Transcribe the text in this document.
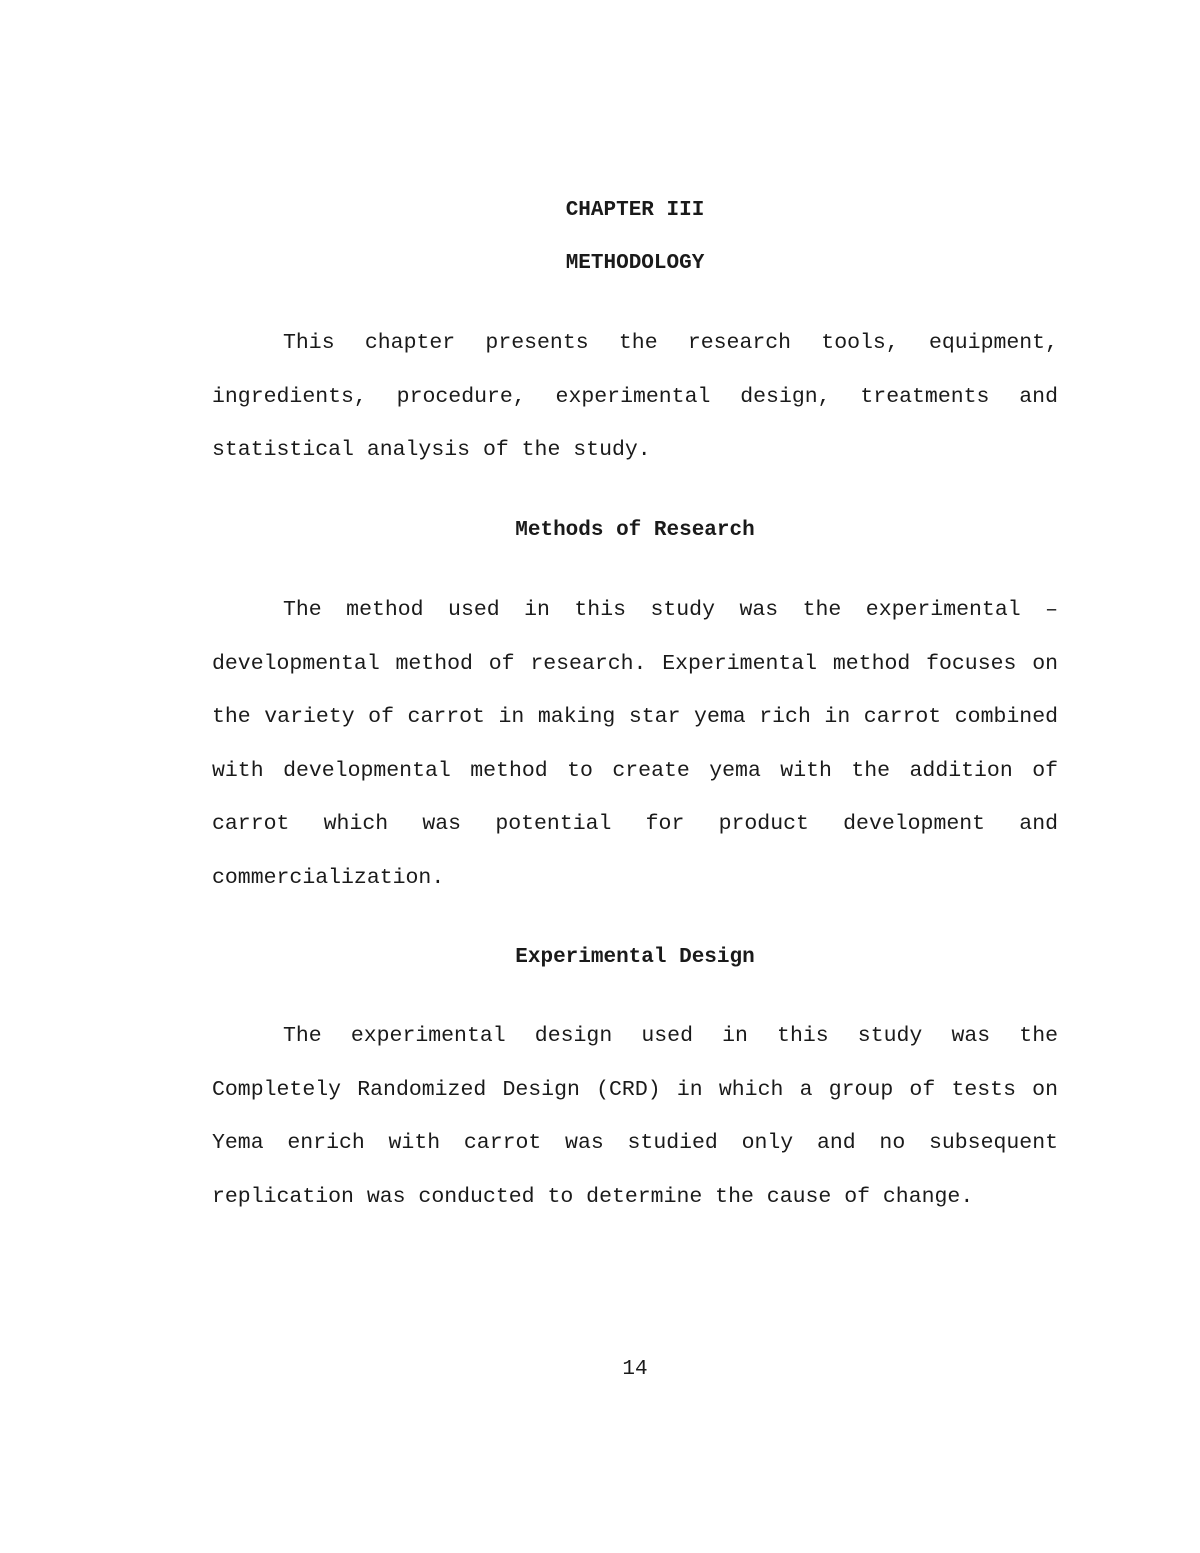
CHAPTER III
METHODOLOGY

This chapter presents the research tools, equipment, ingredients, procedure, experimental design, treatments and statistical analysis of the study.

Methods of Research

The method used in this study was the experimental – developmental method of research. Experimental method focuses on the variety of carrot in making star yema rich in carrot combined with developmental method to create yema with the addition of carrot which was potential for product development and commercialization.

Experimental Design

The experimental design used in this study was the Completely Randomized Design (CRD) in which a group of tests on Yema enrich with carrot was studied only and no subsequent replication was conducted to determine the cause of change.

14
